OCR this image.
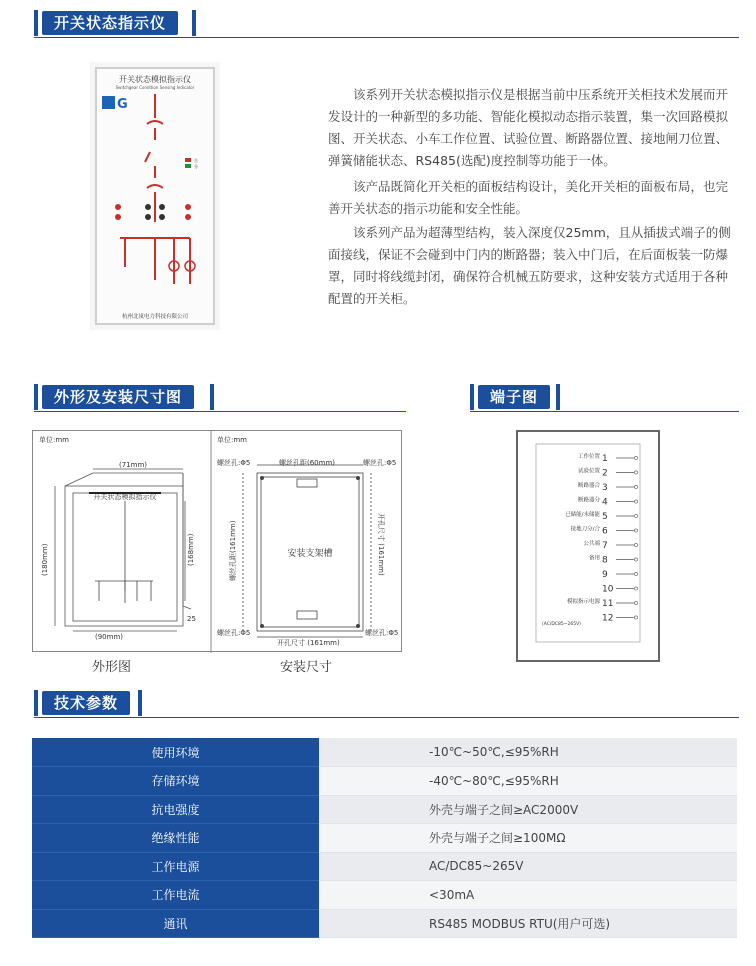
开关状态指示仪
开关状态模拟指示仪
Switchgear Condition Sensing Indicator
G
合
分
杭州北岚电力科技有限公司

该系列开关状态模拟指示仪是根据当前中压系统开关柜技术发展而开发设计的一种新型的多功能、智能化模拟动态指示装置，集一次回路模拟图、开关状态、小车工作位置、试验位置、断路器位置、接地闸刀位置、弹簧储能状态、RS485(选配)度控制等功能于一体。

该产品既简化开关柜的面板结构设计，美化开关柜的面板布局，也完善开关状态的指示功能和安全性能。

该系列产品为超薄型结构，装入深度仅25mm，且从插拔式端子的侧面接线，保证不会碰到中门内的断路器；装入中门后，在后面板装一防爆罩，同时将线缆封闭，确保符合机械五防要求，这种安装方式适用于各种配置的开关柜。

外形及安装尺寸图	端子图
单位:mm	单位:mm
(71mm)
(90mm)
(180mm)	(168mm)
25
开关状态模拟指示仪
螺丝孔:Φ5	螺丝孔:Φ5
螺丝孔:Φ5	螺丝孔:Φ5
螺丝孔距(60mm)
螺丝孔距(161mm)	开孔尺寸 (161mm)
开孔尺寸 (161mm)
安装支架槽
外形图	安装尺寸
工作位置 1
试验位置 2
断路器合 3
断路器分 4
已储能/未储能 5
接地刀分/合 6
公共端 7
备用 8
9
10
模拟指示电源 11
12
(AC/DC85~265V)
技术参数
使用环境	-10℃~50℃,≤95%RH
存储环境	-40℃~80℃,≤95%RH
抗电强度	外壳与端子之间≥AC2000V
绝缘性能	外壳与端子之间≥100MΩ
工作电源	AC/DC85~265V
工作电流	<30mA
通讯	RS485 MODBUS RTU(用户可选)
